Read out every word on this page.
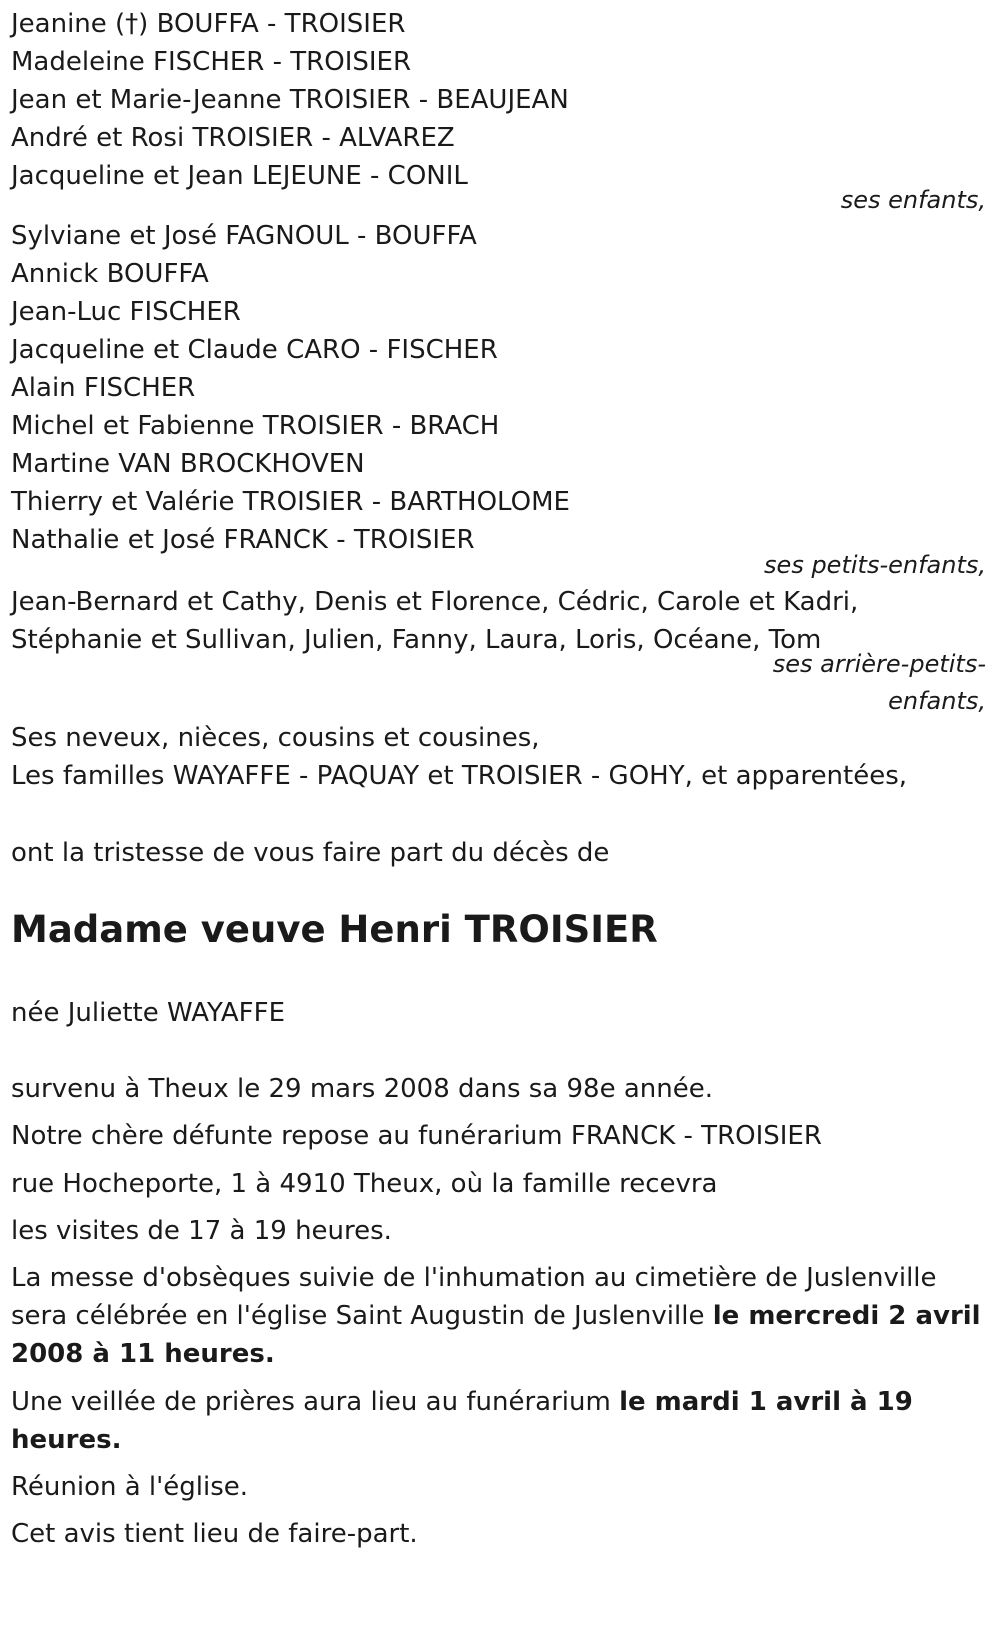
Jeanine (†) BOUFFA - TROISIER
Madeleine FISCHER - TROISIER
Jean et Marie-Jeanne TROISIER - BEAUJEAN
André et Rosi TROISIER - ALVAREZ
Jacqueline et Jean LEJEUNE - CONIL
ses enfants,
Sylviane et José FAGNOUL - BOUFFA
Annick BOUFFA
Jean-Luc FISCHER
Jacqueline et Claude CARO - FISCHER
Alain FISCHER
Michel et Fabienne TROISIER - BRACH
Martine VAN BROCKHOVEN
Thierry et Valérie TROISIER - BARTHOLOME
Nathalie et José FRANCK - TROISIER
ses petits-enfants,
Jean-Bernard et Cathy, Denis et Florence, Cédric, Carole et Kadri,
Stéphanie et Sullivan, Julien, Fanny, Laura, Loris, Océane, Tom
ses arrière-petits-
enfants,
Ses neveux, nièces, cousins et cousines,
Les familles WAYAFFE - PAQUAY et TROISIER - GOHY, et apparentées,
ont la tristesse de vous faire part du décès de
Madame veuve Henri TROISIER
née Juliette WAYAFFE
survenu à Theux le 29 mars 2008 dans sa 98e année.
Notre chère défunte repose au funérarium FRANCK - TROISIER
rue Hocheporte, 1 à 4910 Theux, où la famille recevra
les visites de 17 à 19 heures.
La messe d'obsèques suivie de l'inhumation au cimetière de Juslenville sera célébrée en l'église Saint Augustin de Juslenville le mercredi 2 avril 2008 à 11 heures.
Une veillée de prières aura lieu au funérarium le mardi 1 avril à 19 heures.
Réunion à l'église.
Cet avis tient lieu de faire-part.
